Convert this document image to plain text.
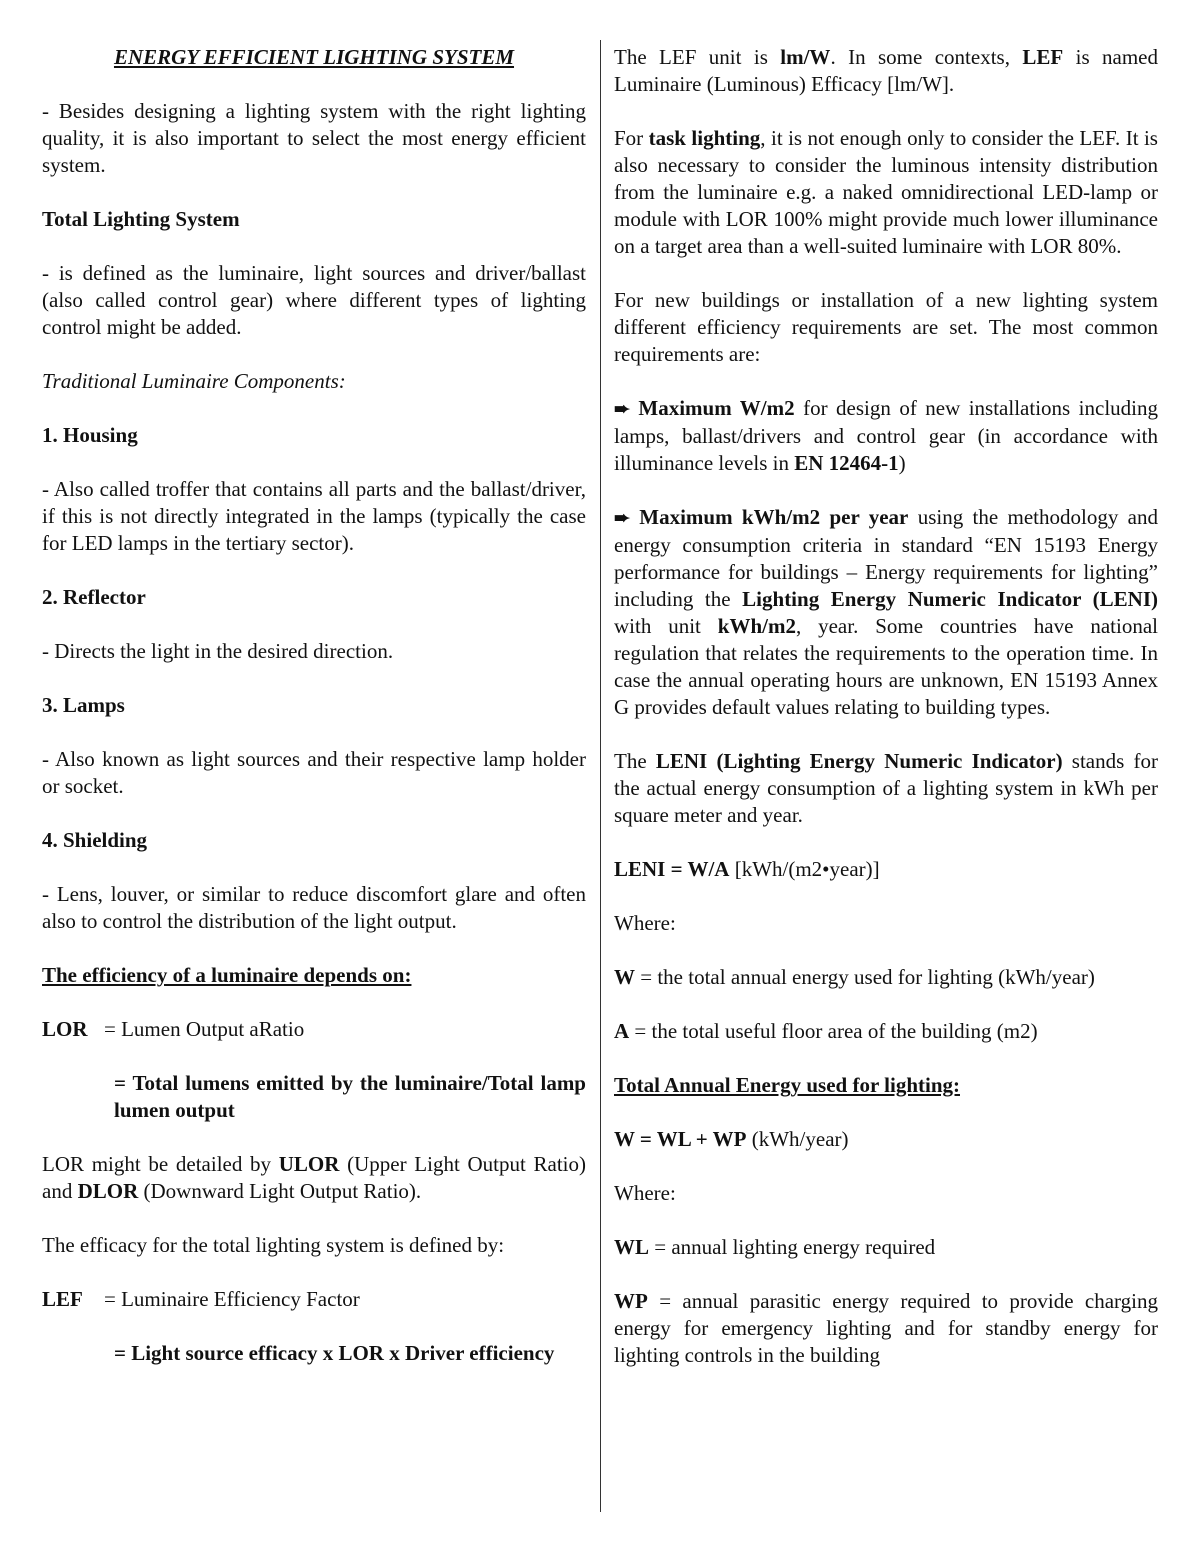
ENERGY EFFICIENT LIGHTING SYSTEM

- Besides designing a lighting system with the right lighting quality, it is also important to select the most energy efficient system.

Total Lighting System

- is defined as the luminaire, light sources and driver/ballast (also called control gear) where different types of lighting control might be added.

Traditional Luminaire Components:

1. Housing

- Also called troffer that contains all parts and the ballast/driver, if this is not directly integrated in the lamps (typically the case for LED lamps in the tertiary sector).

2. Reflector

- Directs the light in the desired direction.

3. Lamps

- Also known as light sources and their respective lamp holder or socket.

4. Shielding

- Lens, louver, or similar to reduce discomfort glare and often also to control the distribution of the light output.

The efficiency of a luminaire depends on:

LOR = Lumen Output aRatio

= Total lumens emitted by the luminaire/Total lamp lumen output

LOR might be detailed by ULOR (Upper Light Output Ratio) and DLOR (Downward Light Output Ratio).

The efficacy for the total lighting system is defined by:

LEF = Luminaire Efficiency Factor

= Light source efficacy x LOR x Driver efficiency

The LEF unit is lm/W. In some contexts, LEF is named Luminaire (Luminous) Efficacy [lm/W].

For task lighting, it is not enough only to consider the LEF. It is also necessary to consider the luminous intensity distribution from the luminaire e.g. a naked omnidirectional LED-lamp or module with LOR 100% might provide much lower illuminance on a target area than a well-suited luminaire with LOR 80%.

For new buildings or installation of a new lighting system different efficiency requirements are set. The most common requirements are:

➨ Maximum W/m2 for design of new installations including lamps, ballast/drivers and control gear (in accordance with illuminance levels in EN 12464-1)

➨ Maximum kWh/m2 per year using the methodology and energy consumption criteria in standard “EN 15193 Energy performance for buildings – Energy requirements for lighting” including the Lighting Energy Numeric Indicator (LENI) with unit kWh/m2, year. Some countries have national regulation that relates the requirements to the operation time. In case the annual operating hours are unknown, EN 15193 Annex G provides default values relating to building types.

The LENI (Lighting Energy Numeric Indicator) stands for the actual energy consumption of a lighting system in kWh per square meter and year.

LENI = W/A [kWh/(m2•year)]

Where:

W = the total annual energy used for lighting (kWh/year)

A = the total useful floor area of the building (m2)

Total Annual Energy used for lighting:

W = WL + WP (kWh/year)

Where:

WL = annual lighting energy required

WP = annual parasitic energy required to provide charging energy for emergency lighting and for standby energy for lighting controls in the building
